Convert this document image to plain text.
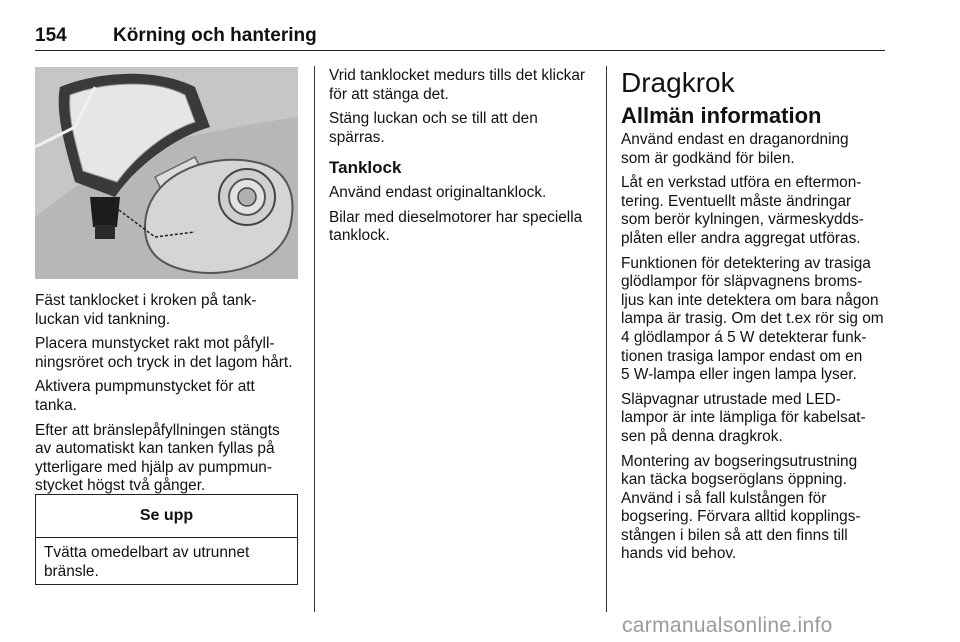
154 Körning och hantering

Fäst tanklocket i kroken på tank-
luckan vid tankning.

Placera munstycket rakt mot påfyll-
ningsröret och tryck in det lagom hårt.

Aktivera pumpmunstycket för att
tanka.

Efter att bränslepåfyllningen stängts
av automatiskt kan tanken fyllas på
ytterligare med hjälp av pumpmun-
stycket högst två gånger.

Se upp
Tvätta omedelbart av utrunnet
bränsle.

Vrid tanklocket medurs tills det klickar
för att stänga det.

Stäng luckan och se till att den
spärras.

Tanklock

Använd endast originaltanklock.

Bilar med dieselmotorer har speciella
tanklock.

Dragkrok
Allmän information

Använd endast en draganordning
som är godkänd för bilen.

Låt en verkstad utföra en eftermon-
tering. Eventuellt måste ändringar
som berör kylningen, värmeskydds-
plåten eller andra aggregat utföras.

Funktionen för detektering av trasiga
glödlampor för släpvagnens broms-
ljus kan inte detektera om bara någon
lampa är trasig. Om det t.ex rör sig om
4 glödlampor á 5 W detekterar funk-
tionen trasiga lampor endast om en
5 W-lampa eller ingen lampa lyser.

Släpvagnar utrustade med LED-
lampor är inte lämpliga för kabelsat-
sen på denna dragkrok.

Montering av bogseringsutrustning
kan täcka bogseröglans öppning.
Använd i så fall kulstången för
bogsering. Förvara alltid kopplings-
stången i bilen så att den finns till
hands vid behov.

carmanualsonline.info
